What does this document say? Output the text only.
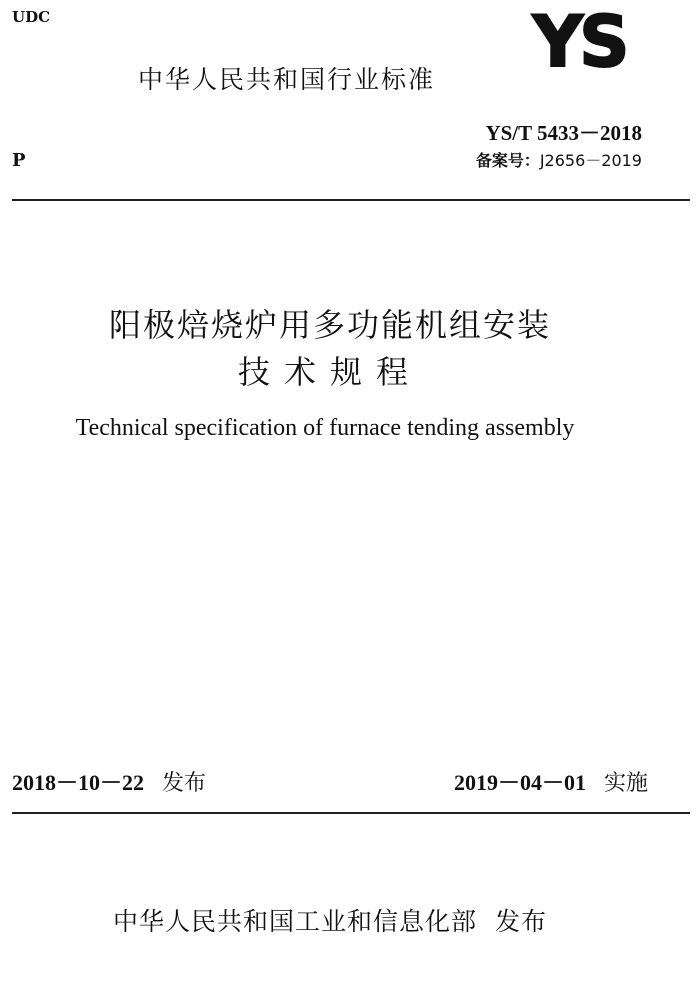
UDC	YS
中华人民共和国行业标准
YS/T 5433－2018
P	备案号：J2656－2019
阳极焙烧炉用多功能机组安装
技术规程
Technical specification of furnace tending assembly
2018－10－22 发布	2019－04－01 实施
中华人民共和国工业和信息化部 发布
